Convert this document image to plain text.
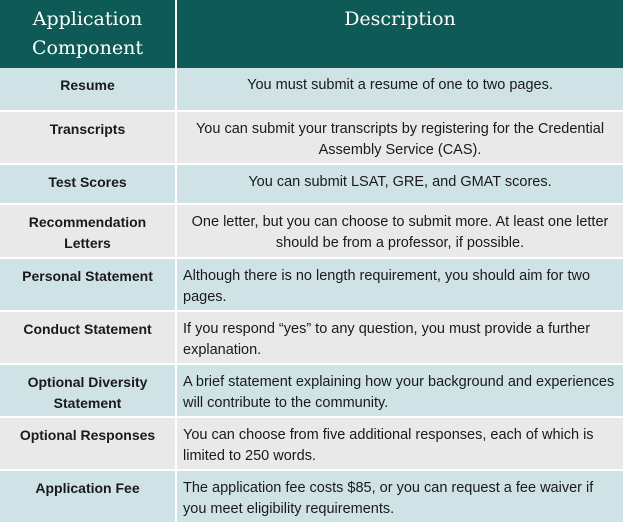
Application Component	Description
Resume	You must submit a resume of one to two pages.
Transcripts	You can submit your transcripts by registering for the Credential Assembly Service (CAS).
Test Scores	You can submit LSAT, GRE, and GMAT scores.
Recommendation Letters	One letter, but you can choose to submit more. At least one letter should be from a professor, if possible.
Personal Statement	Although there is no length requirement, you should aim for two pages.
Conduct Statement	If you respond “yes” to any question, you must provide a further explanation.
Optional Diversity Statement	A brief statement explaining how your background and experiences will contribute to the community.
Optional Responses	You can choose from five additional responses, each of which is limited to 250 words.
Application Fee	The application fee costs $85, or you can request a fee waiver if you meet eligibility requirements.
